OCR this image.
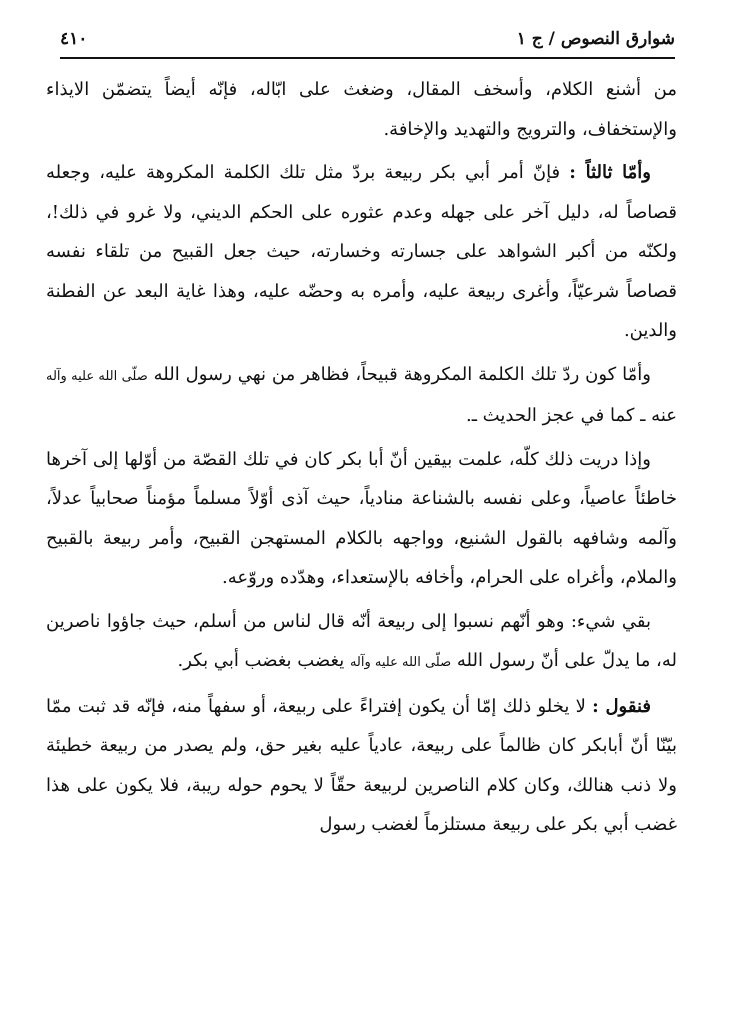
٤١٠	شوارق النصوص / ج ١

من أشنع الكلام، وأسخف المقال، وضغث على ابّاله، فإنّه أيضاً يتضمّن الايذاء والإستخفاف، والترويج والتهديد والإخافة.

وأمّا ثالثاً : فإنّ أمر أبي بكر ربيعة بردّ مثل تلك الكلمة المكروهة عليه، وجعله قصاصاً له، دليل آخر على جهله وعدم عثوره على الحكم الديني، ولا غرو في ذلك!، ولكنّه من أكبر الشواهد على جسارته وخسارته، حيث جعل القبيح من تلقاء نفسه قصاصاً شرعيّاً، وأغرى ربيعة عليه، وأمره به وحضّه عليه، وهذا غاية البعد عن الفطنة والدين.

وأمّا كون ردّ تلك الكلمة المكروهة قبيحاً، فظاهر من نهي رسول الله صلّى الله عليه وآله عنه ـ كما في عجز الحديث ـ.

وإذا دريت ذلك كلّه، علمت بيقين أنّ أبا بكر كان في تلك القصّة من أوّلها إلى آخرها خاطئاً عاصياً، وعلى نفسه بالشناعة منادياً، حيث آذى أوّلاً مسلماً مؤمناً صحابياً عدلاً، وآلمه وشافهه بالقول الشنيع، وواجهه بالكلام المستهجن القبيح، وأمر ربيعة بالقبيح والملام، وأغراه على الحرام، وأخافه بالإستعداء، وهدّده وروّعه.

بقي شيء: وهو أنّهم نسبوا إلى ربيعة أنّه قال لناس من أسلم، حيث جاؤوا ناصرين له، ما يدلّ على أنّ رسول الله صلّى الله عليه وآله يغضب بغضب أبي بكر.

فنقول : لا يخلو ذلك إمّا أن يكون إفتراءً على ربيعة، أو سفهاً منه، فإنّه قد ثبت ممّا بيّنّا أنّ أبابكر كان ظالماً على ربيعة، عادياً عليه بغير حق، ولم يصدر من ربيعة خطيئة ولا ذنب هنالك، وكان كلام الناصرين لربيعة حقّاً لا يحوم حوله ريبة، فلا يكون على هذا غضب أبي بكر على ربيعة مستلزماً لغضب رسول
